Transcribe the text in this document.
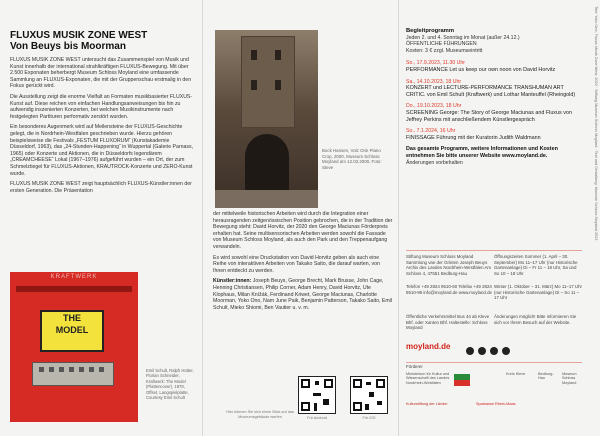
FLUXUS MUSIK ZONE WEST
Von Beuys bis Moorman

FLUXUS MUSIK ZONE WEST untersucht das Zusammenspiel von Musik und Kunst innerhalb der international strahlkräftigen FLUXUS-Bewegung. Mit über 2.500 Exponaten beherbergt Museum Schloss Moyland eine umfassende Sammlung an FLUXUS-Exponaten, die mit der Gruppenschau erstmalig in den Fokus gerückt wird.

Die Ausstellung zeigt die enorme Vielfalt an Formaten musikbasierter FLUXUS-Kunst auf. Diese reichen von einfachen Handlungsanweisungen bis hin zu aufwendig inszenierten Konzerten, bei welchen Musikinstrumente nach festgelegten Partituren performativ zerstört wurden.

Ein besonderes Augenmerk wird auf Meilensteine der FLUXUS-Geschichte gelegt, die in Nordrhein-Westfalen geschrieben wurde. Hierzu gehören beispielsweise die Festivals „FESTUM FLUXORUM“ (Kunstakademie Düsseldorf, 1963), das „24-Stunden-Happening“ in Wuppertal (Galerie Parnass, 1965) oder Konzerte und Aktionen, die in Düsseldorfs legendärem „CREAMCHEESE“ Lokal (1967–1976) aufgeführt wurden – ein Ort, der zum Schmelztiegel für FLUXUS-Aktionen, KRAUTROCK-Konzerte und ZERO-Kunst wurde.

FLUXUS MUSIK ZONE WEST zeigt hauptsächlich FLUXUS-Künstler:innen der ersten Generation. Die Präsentation

KRAFTWERK
THE
MODEL
Emil Schult, Ralph Hütter, Florian Schneider, Kraftwerk: The Model (Plattencover), 1978, Offset, Langspielplatte, Courtesy Emil Schult
Bock Hansen, Volz Orin Piano Crop, 2000, Museum Schloss Moyland am 12.03.2000, Foto: Steve

der mittelweile historischen Arbeiten wird durch die Integration einer herausragenden zeitgenössischen Position gebrochen, die in der Tradition der Bewegung steht: David Horvitz, der 2020 den George Maciunas Förderpreis erhalten hat. Seine multisensorischen Arbeiten werden sowohl die Fassade von Museum Schloss Moyland, als auch den Park und den Treppenaufgang verwandeln.

Es wird sowohl eine Druckstation von David Horvitz geben als auch eine Reihe von interaktiven Arbeiten von Takako Saito, die darauf warten, von Ihnen entdeckt zu werden.

Künstler:innen: Joseph Beuys, George Brecht, Mark Brusse, John Cage, Henning Christiansen, Philip Corner, Adam Henry, David Horvitz, Ute Klophaus, Milan Knížák, Ferdinand Kriwet, George Maciunas, Charlotte Moorman, Yoko Ono, Nam June Paik, Benjamin Patterson, Takako Saito, Emil Schult, Mieko Shiomi, Ben Vautier u. v. m.

Hier können Sie sich einen Blick auf das Museumsgebäude werfen	Für Android	Für iOS

Begleitprogramm

Jeden 2. und 4. Sonntag im Monat (außer 24.12.)

ÖFFENTLICHE FÜHRUNGEN

Kosten: 3 € zzgl. Museumseintritt

So., 17.9.2023, 11.30 Uhr

PERFORMANCE Let us keep our own noon von David Horvitz

Sa., 14.10.2023, 18 Uhr

KONZERT und LECTURE-PERFORMANCE TRANSHUMAN ART CRITIC. von Emil Schult (Kraftwerk) und Lothar Manteuffel (Rheingold)

Do., 19.10.2023, 18 Uhr

SCREENING George: The Story of George Maciunas and Fluxus von Jeffrey Perkins mit anschließendem Künstlergespräch

So., 7.1.2024, 16 Uhr

FINISSAGE Führung mit der Kuratorin Judith Waldmann

Das gesamte Programm, weitere Informationen und Kosten entnehmen Sie bitte unserer Website www.moyland.de.

Änderungen vorbehalten

Stiftung Museum Schloss Moyland Sammlung van der Grinten Joseph Beuys Archiv des Landes Nordrhein-Westfalen Am Schloss 4, 47551 Bedburg-Hau
Telefon +49 2824 9510-60 Telefax +49 2824 9510-99 info@moyland.de www.moyland.de
Öffentliche Verkehrsmittel Bus 44 ab Kleve Bhf. oder Xanten Bhf. Haltestelle: Schloss Moyland
Öffnungszeiten Sommer (1. April – 30. September) Mo 11–17 Uhr (nur Historische Gartenanlage) Di – Fr 11 – 18 Uhr, Sa und So 10 – 18 Uhr
Winter (1. Oktober – 31. März) Mo 11–17 Uhr (nur Historische Gartenanlage) Di – So 11 – 17 Uhr
Änderungen möglich! Bitte informieren Sie sich vor Ihrem Besuch auf der Website.
moyland.de
Förderer
Ministerium für Kultur und Wissenschaft des Landes Nordrhein-Westfalen
Kreis Kleve	Bedburg-Hau
Museum Schloss Moyland
Kulturstiftung der Länder	Sparkasse Rhein-Maas
Titel: Yoko Ono, Fluxus Musik Zone West, 2023 · Stiftung Museum Schloss Moyland · Text und Gestaltung: Museum Schloss Moyland 2023
